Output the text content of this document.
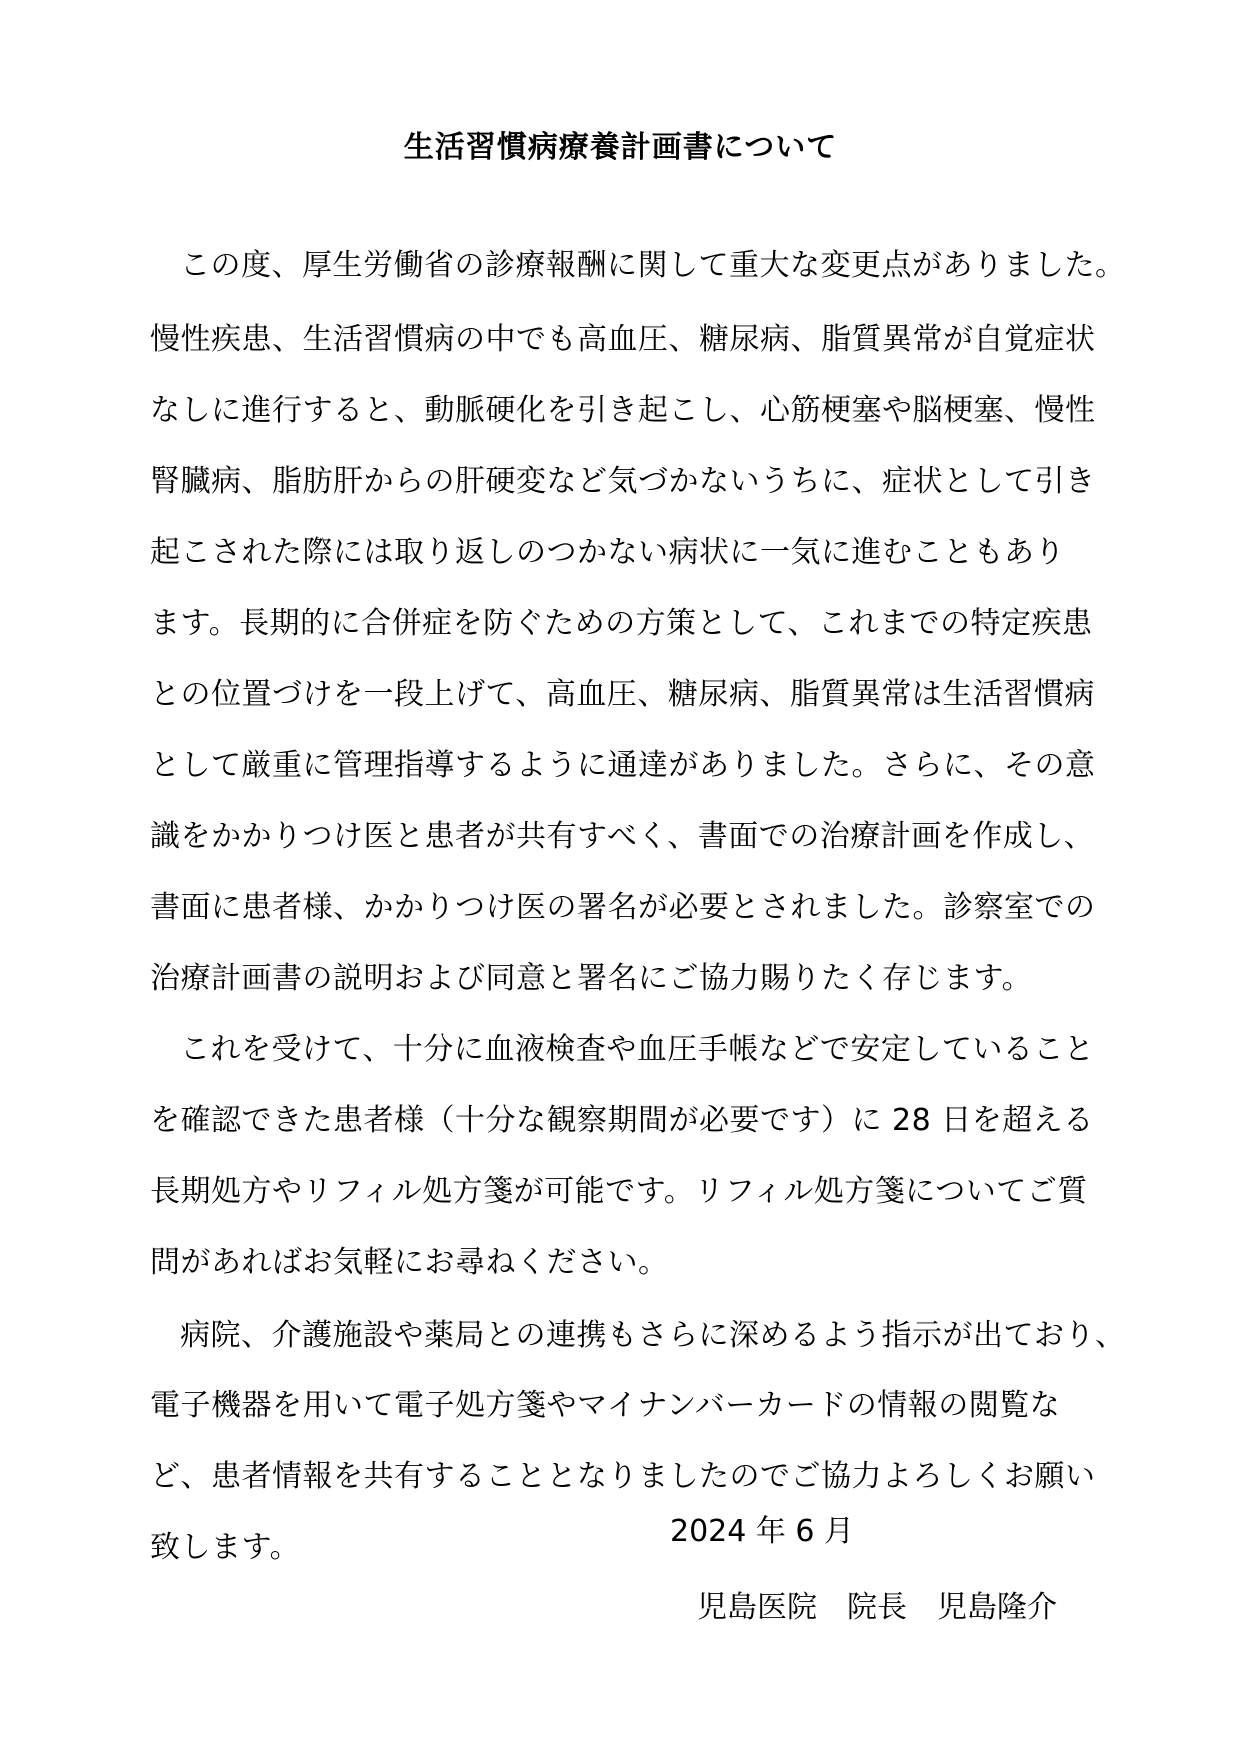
生活習慣病療養計画書について
この度、厚生労働省の診療報酬に関して重大な変更点がありました。
慢性疾患、生活習慣病の中でも高血圧、糖尿病、脂質異常が自覚症状
なしに進行すると、動脈硬化を引き起こし、心筋梗塞や脳梗塞、慢性
腎臓病、脂肪肝からの肝硬変など気づかないうちに、症状として引き
起こされた際には取り返しのつかない病状に一気に進むこともあり
ます。長期的に合併症を防ぐための方策として、これまでの特定疾患
との位置づけを一段上げて、高血圧、糖尿病、脂質異常は生活習慣病
として厳重に管理指導するように通達がありました。さらに、その意
識をかかりつけ医と患者が共有すべく、書面での治療計画を作成し、
書面に患者様、かかりつけ医の署名が必要とされました。診察室での
治療計画書の説明および同意と署名にご協力賜りたく存じます。
これを受けて、十分に血液検査や血圧手帳などで安定していること
を確認できた患者様（十分な観察期間が必要です）に 28 日を超える
長期処方やリフィル処方箋が可能です。リフィル処方箋についてご質
問があればお気軽にお尋ねください。
病院、介護施設や薬局との連携もさらに深めるよう指示が出ており、
電子機器を用いて電子処方箋やマイナンバーカードの情報の閲覧な
ど、患者情報を共有することとなりましたのでご協力よろしくお願い
致します。	2024 年 6 月
児島医院　院長　児島隆介
